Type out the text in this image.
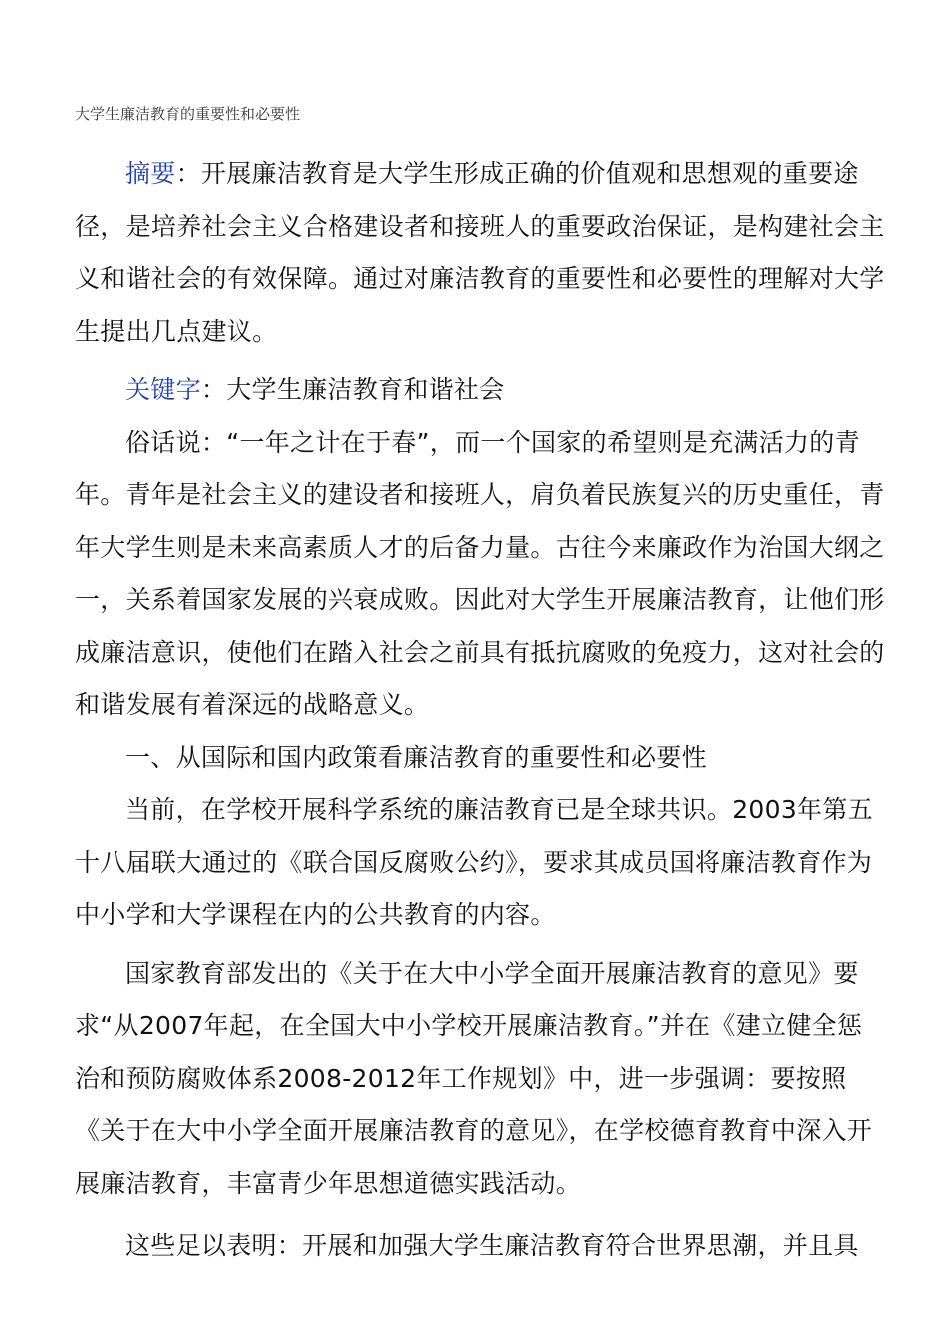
大学生廉洁教育的重要性和必要性

摘要：开展廉洁教育是大学生形成正确的价值观和思想观的重要途径，是培养社会主义合格建设者和接班人的重要政治保证，是构建社会主义和谐社会的有效保障。通过对廉洁教育的重要性和必要性的理解对大学生提出几点建议。

关键字：大学生廉洁教育和谐社会

俗话说：“一年之计在于春”，而一个国家的希望则是充满活力的青年。青年是社会主义的建设者和接班人，肩负着民族复兴的历史重任，青年大学生则是未来高素质人才的后备力量。古往今来廉政作为治国大纲之一，关系着国家发展的兴衰成败。因此对大学生开展廉洁教育，让他们形成廉洁意识，使他们在踏入社会之前具有抵抗腐败的免疫力，这对社会的和谐发展有着深远的战略意义。

一、从国际和国内政策看廉洁教育的重要性和必要性

当前，在学校开展科学系统的廉洁教育已是全球共识。2003年第五十八届联大通过的《联合国反腐败公约》，要求其成员国将廉洁教育作为中小学和大学课程在内的公共教育的内容。

国家教育部发出的《关于在大中小学全面开展廉洁教育的意见》要求“从2007年起，在全国大中小学校开展廉洁教育。”并在《建立健全惩治和预防腐败体系2008-2012年工作规划》中，进一步强调：要按照《关于在大中小学全面开展廉洁教育的意见》，在学校德育教育中深入开展廉洁教育，丰富青少年思想道德实践活动。

这些足以表明：开展和加强大学生廉洁教育符合世界思潮，并且具
